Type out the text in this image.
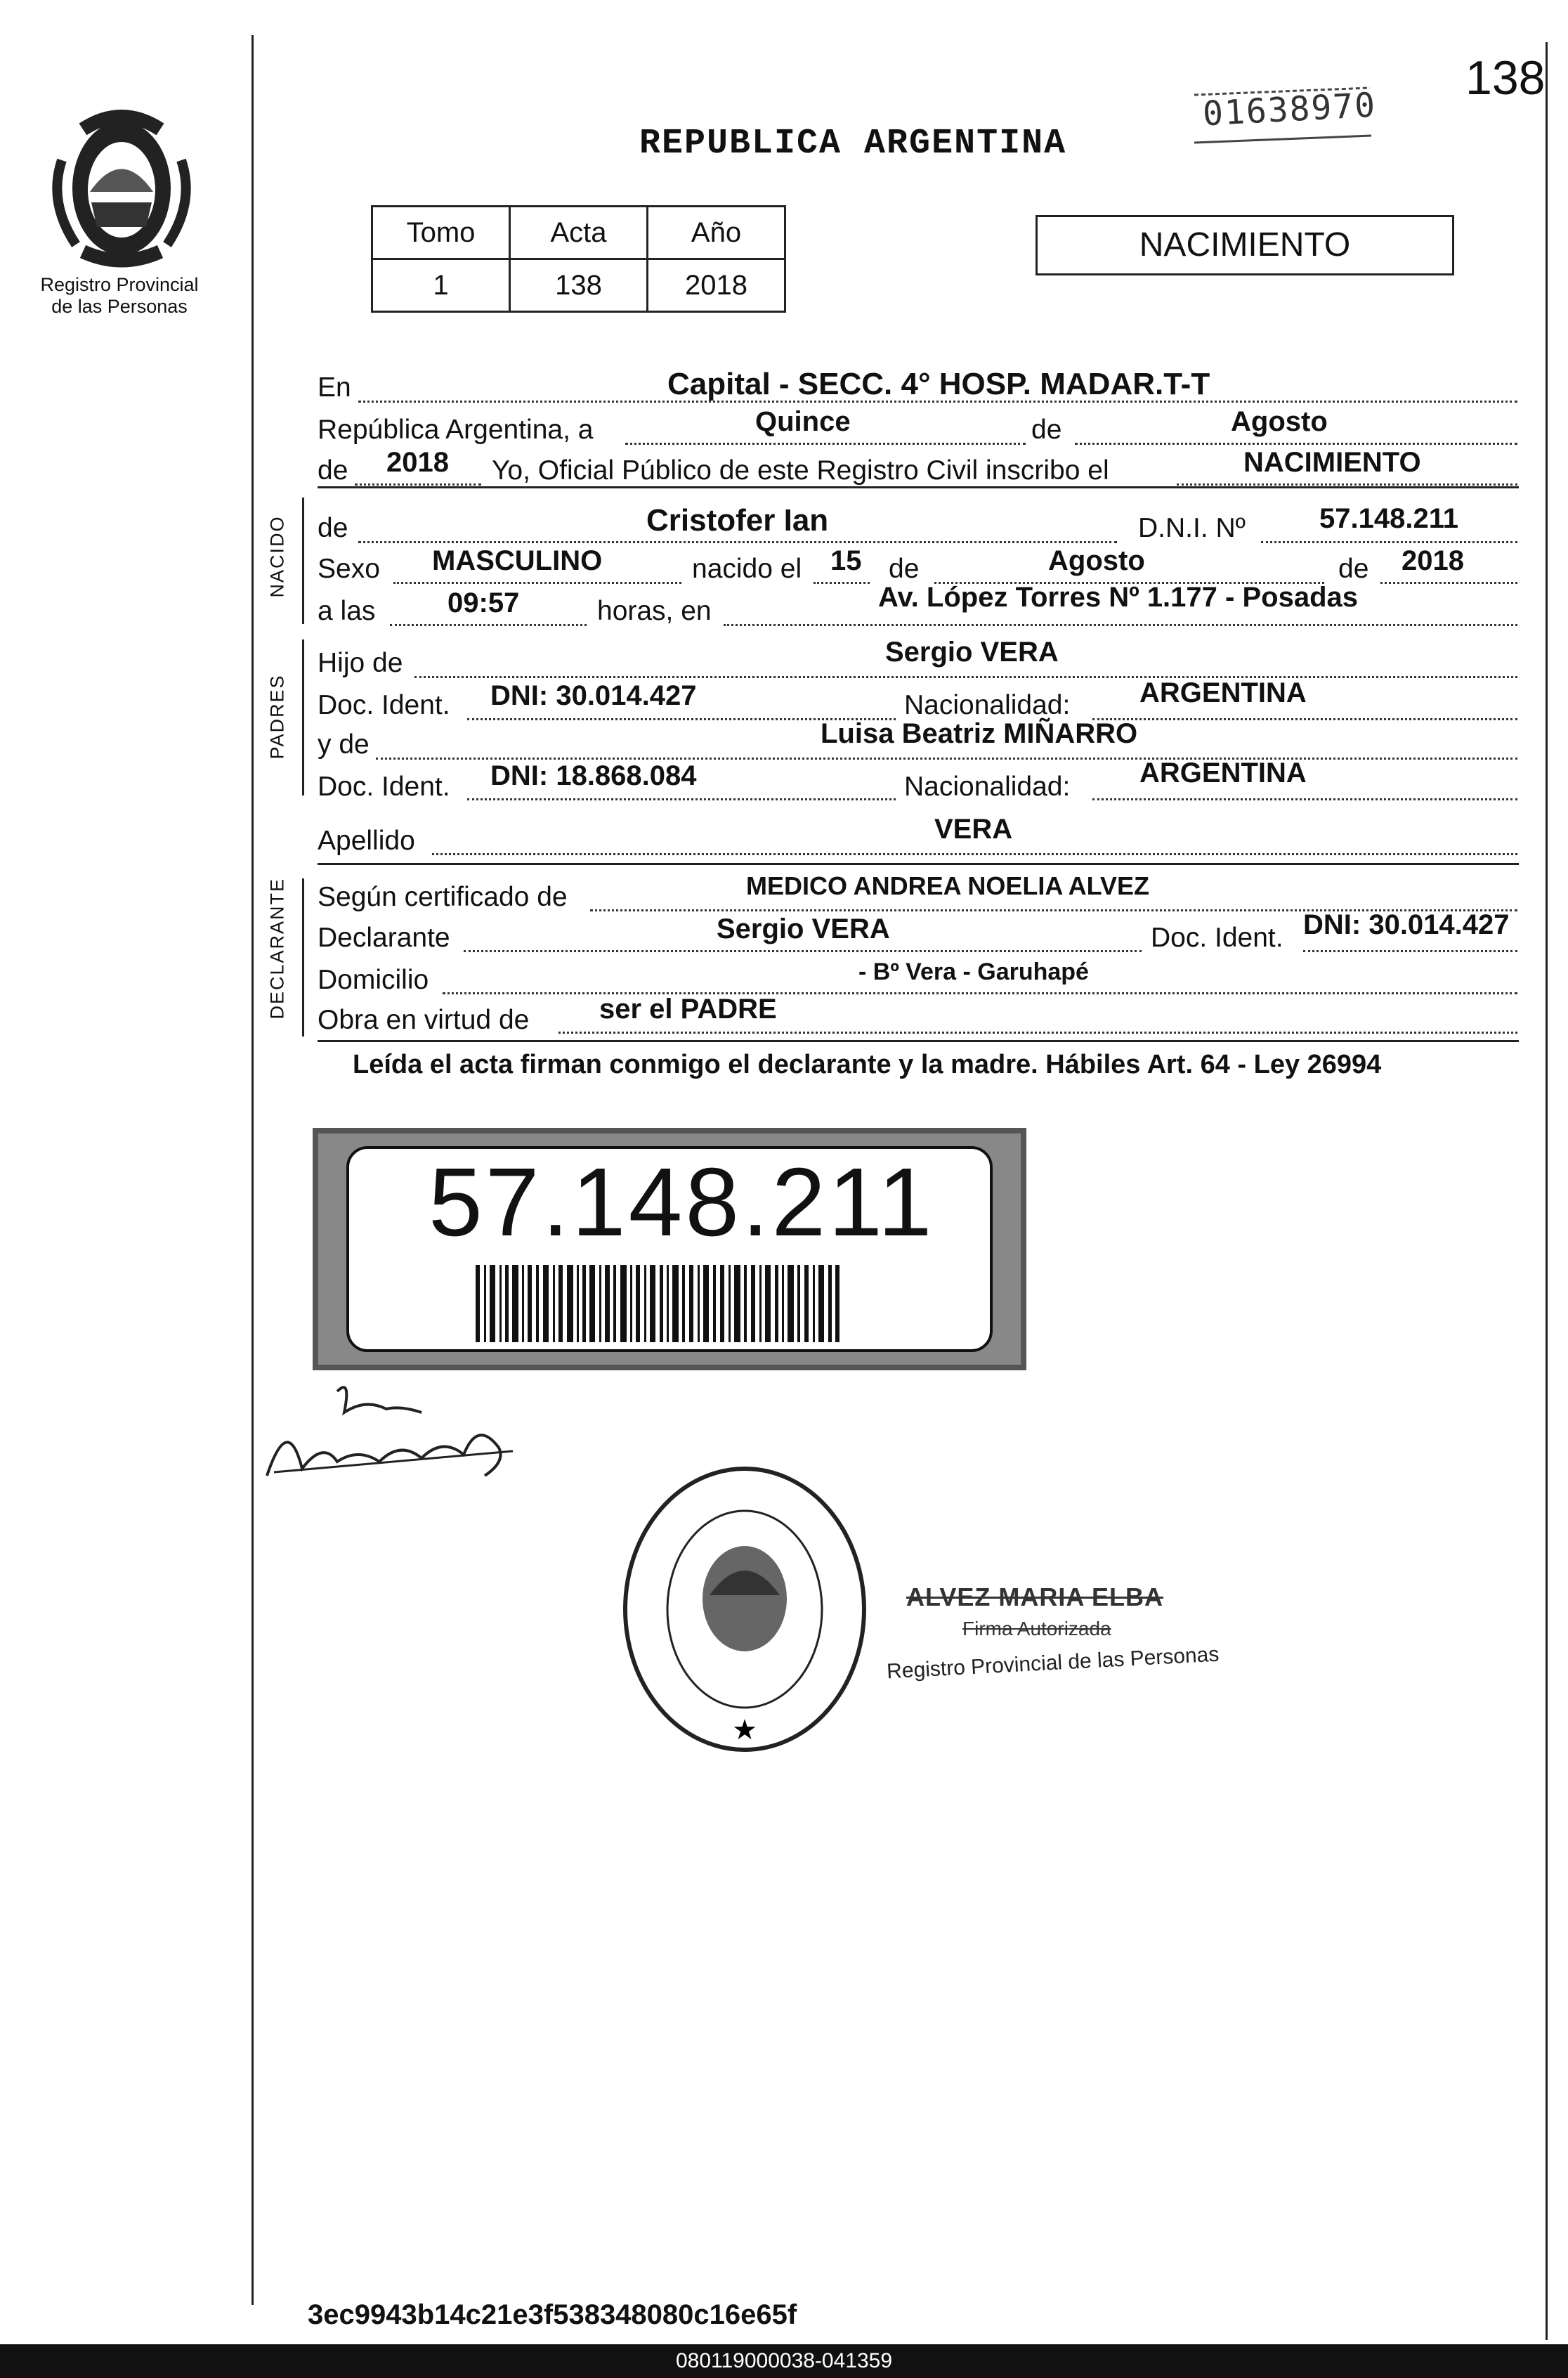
138
01638970
REPUBLICA ARGENTINA
Registro Provincial
de las Personas
Tomo	Acta	Año
1	138	2018
NACIMIENTO
En	Capital - SECC. 4° HOSP. MADAR.T-T
República Argentina, a	Quince	de	Agosto
de 2018 Yo, Oficial Público de este Registro Civil inscribo el	NACIMIENTO
NACIDO de	Cristofer Ian	D.N.I. Nº	57.148.211
Sexo MASCULINO	nacido el 15 de	Agosto	de 2018
a las	09:57	horas, en	Av. López Torres Nº 1.177 - Posadas
PADRES
Hijo de	Sergio VERA
Doc. Ident. DNI: 30.014.427	Nacionalidad: ARGENTINA
y de	Luisa Beatriz MIÑARRO
Doc. Ident. DNI: 18.868.084	Nacionalidad: ARGENTINA
Apellido	VERA
DECLARANTE Según certificado de	MEDICO ANDREA NOELIA ALVEZ
Declarante	Sergio VERA	Doc. Ident. DNI: 30.014.427
Domicilio	- Bº Vera - Garuhapé
Obra en virtud de ser el PADRE
Leída el acta firman conmigo el declarante y la madre. Hábiles Art. 64 - Ley 26994
57.148.211
★
ALVEZ MARIA ELBA
Firma Autorizada
Registro Provincial de las Personas
3ec9943b14c21e3f538348080c16e65f
080119000038-041359
